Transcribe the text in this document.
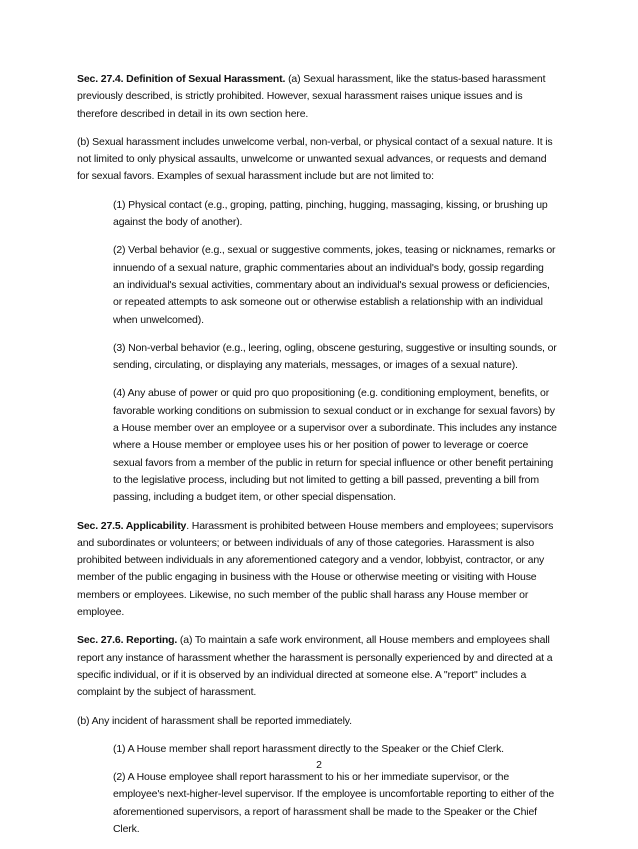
Sec. 27.4. Definition of Sexual Harassment. (a) Sexual harassment, like the status-based harassment previously described, is strictly prohibited. However, sexual harassment raises unique issues and is therefore described in detail in its own section here.

(b) Sexual harassment includes unwelcome verbal, non-verbal, or physical contact of a sexual nature. It is not limited to only physical assaults, unwelcome or unwanted sexual advances, or requests and demand for sexual favors. Examples of sexual harassment include but are not limited to:

(1) Physical contact (e.g., groping, patting, pinching, hugging, massaging, kissing, or brushing up against the body of another).

(2) Verbal behavior (e.g., sexual or suggestive comments, jokes, teasing or nicknames, remarks or innuendo of a sexual nature, graphic commentaries about an individual's body, gossip regarding an individual's sexual activities, commentary about an individual's sexual prowess or deficiencies, or repeated attempts to ask someone out or otherwise establish a relationship with an individual when unwelcomed).

(3) Non-verbal behavior (e.g., leering, ogling, obscene gesturing, suggestive or insulting sounds, or sending, circulating, or displaying any materials, messages, or images of a sexual nature).

(4) Any abuse of power or quid pro quo propositioning (e.g. conditioning employment, benefits, or favorable working conditions on submission to sexual conduct or in exchange for sexual favors) by a House member over an employee or a supervisor over a subordinate. This includes any instance where a House member or employee uses his or her position of power to leverage or coerce sexual favors from a member of the public in return for special influence or other benefit pertaining to the legislative process, including but not limited to getting a bill passed, preventing a bill from passing, including a budget item, or other special dispensation.

Sec. 27.5. Applicability. Harassment is prohibited between House members and employees; supervisors and subordinates or volunteers; or between individuals of any of those categories. Harassment is also prohibited between individuals in any aforementioned category and a vendor, lobbyist, contractor, or any member of the public engaging in business with the House or otherwise meeting or visiting with House members or employees. Likewise, no such member of the public shall harass any House member or employee.

Sec. 27.6. Reporting. (a) To maintain a safe work environment, all House members and employees shall report any instance of harassment whether the harassment is personally experienced by and directed at a specific individual, or if it is observed by an individual directed at someone else. A "report" includes a complaint by the subject of harassment.

(b) Any incident of harassment shall be reported immediately.

(1) A House member shall report harassment directly to the Speaker or the Chief Clerk.

(2) A House employee shall report harassment to his or her immediate supervisor, or the employee's next-higher-level supervisor. If the employee is uncomfortable reporting to either of the aforementioned supervisors, a report of harassment shall be made to the Speaker or the Chief Clerk.

2
